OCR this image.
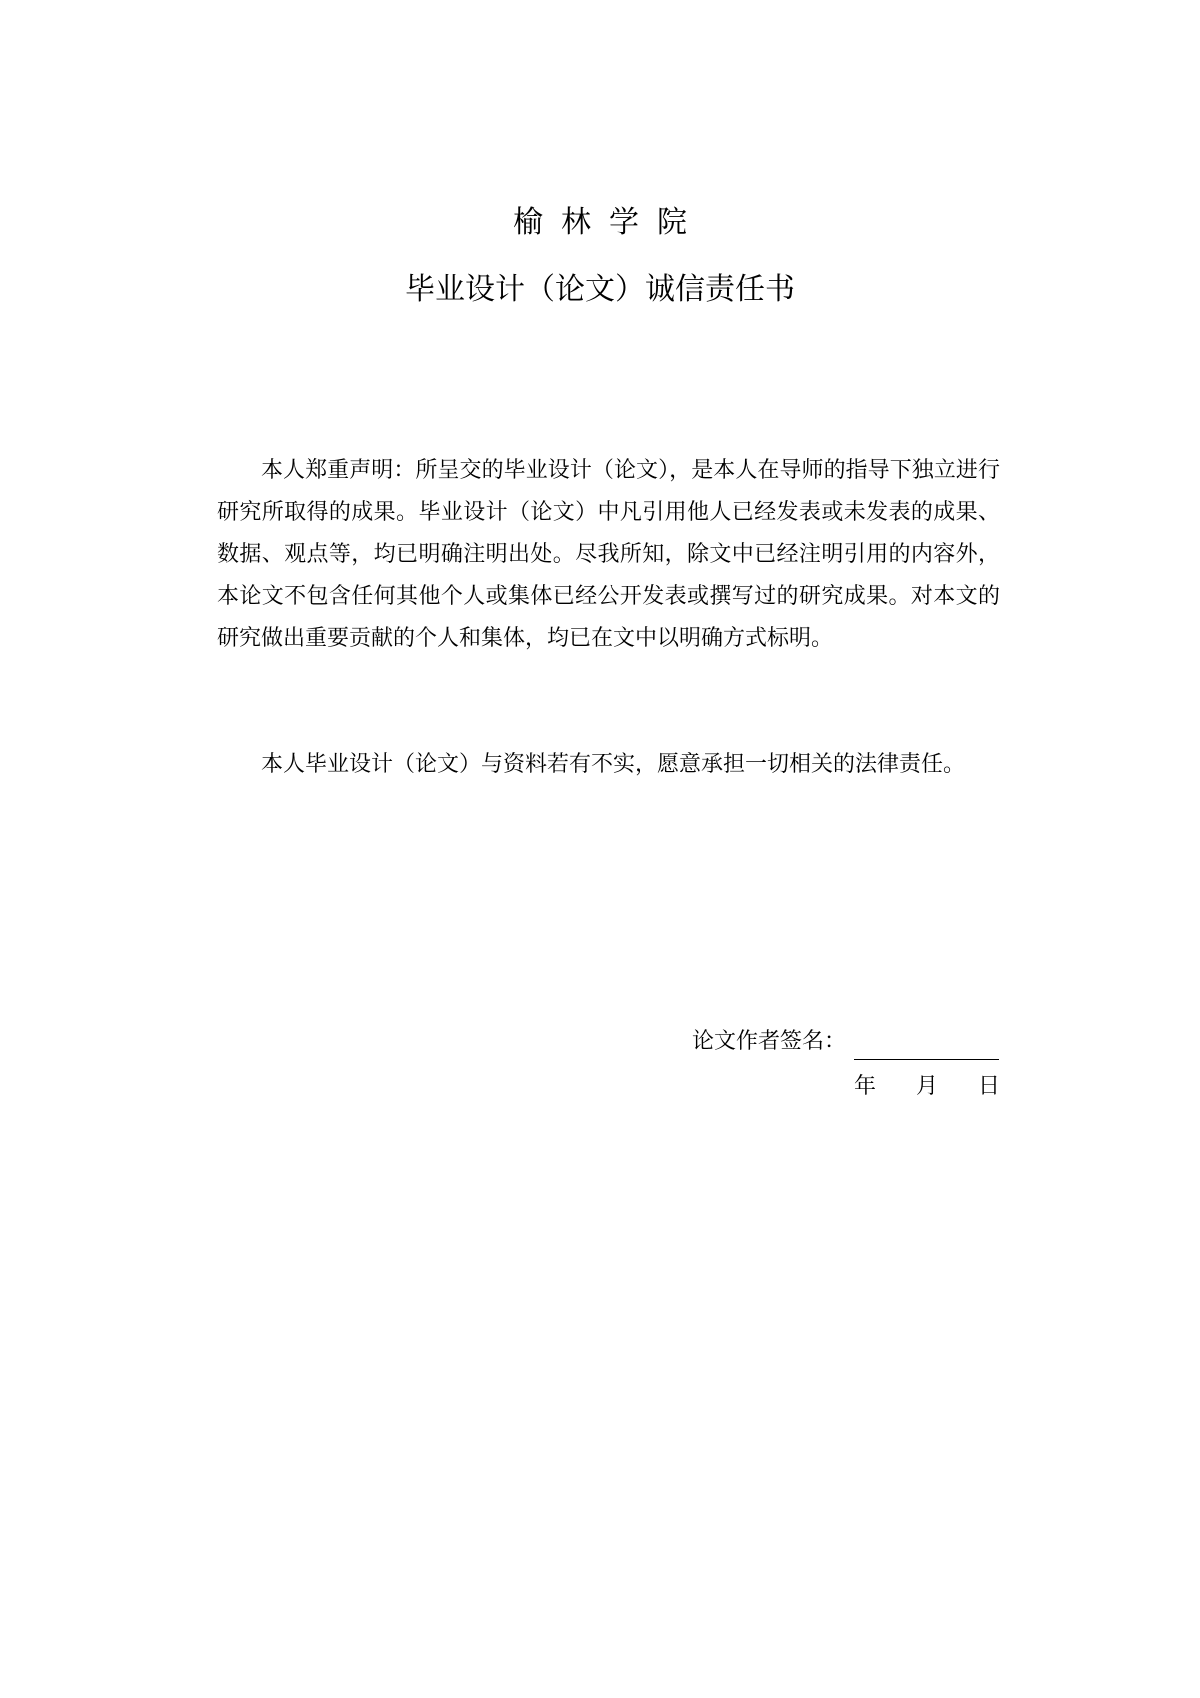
榆林学院
毕业设计（论文）诚信责任书

本人郑重声明：所呈交的毕业设计（论文），是本人在导师的指导下独立进行研究所取得的成果。毕业设计（论文）中凡引用他人已经发表或未发表的成果、数据、观点等，均已明确注明出处。尽我所知，除文中已经注明引用的内容外，本论文不包含任何其他个人或集体已经公开发表或撰写过的研究成果。对本文的研究做出重要贡献的个人和集体，均已在文中以明确方式标明。

本人毕业设计（论文）与资料若有不实，愿意承担一切相关的法律责任。

论文作者签名：
年 月 日
